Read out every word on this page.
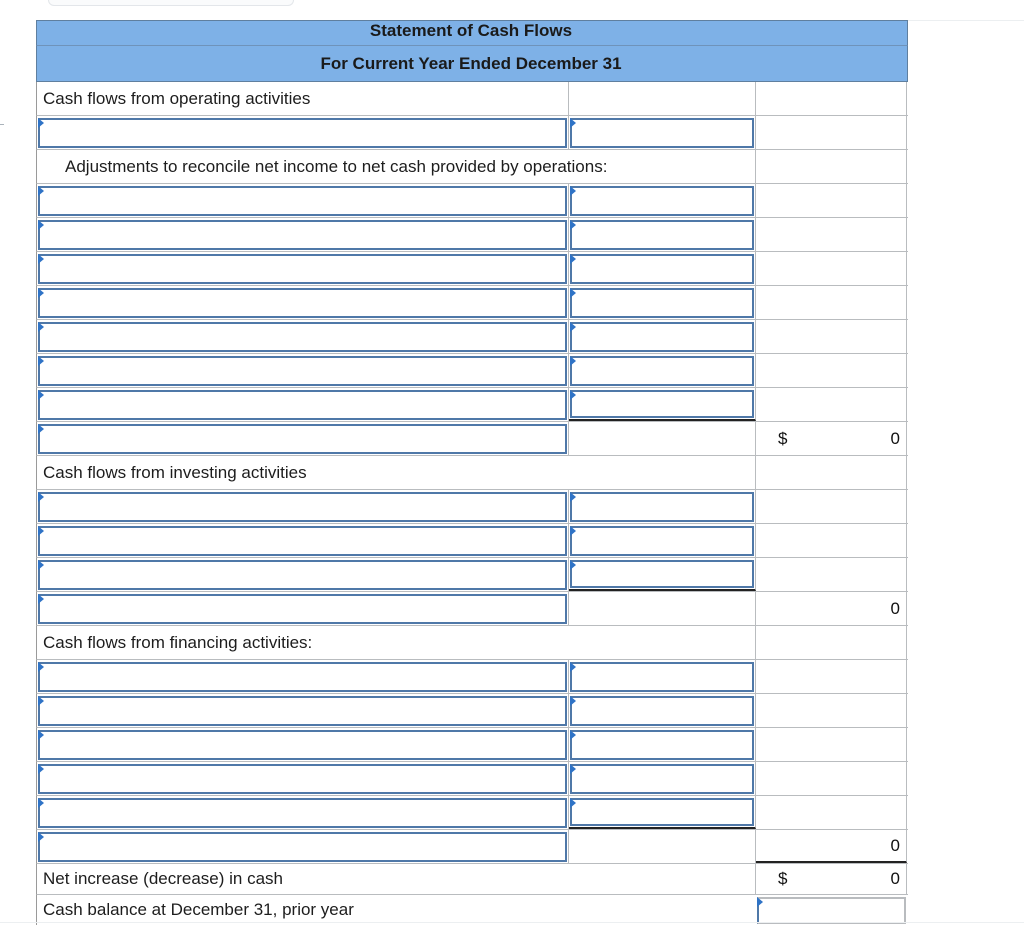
Statement of Cash Flows
For Current Year Ended December 31
Cash flows from operating activities
Adjustments to reconcile net income to net cash provided by operations:
$	0
Cash flows from investing activities
0
Cash flows from financing activities:
0
Net increase (decrease) in cash	$	0
Cash balance at December 31, prior year
